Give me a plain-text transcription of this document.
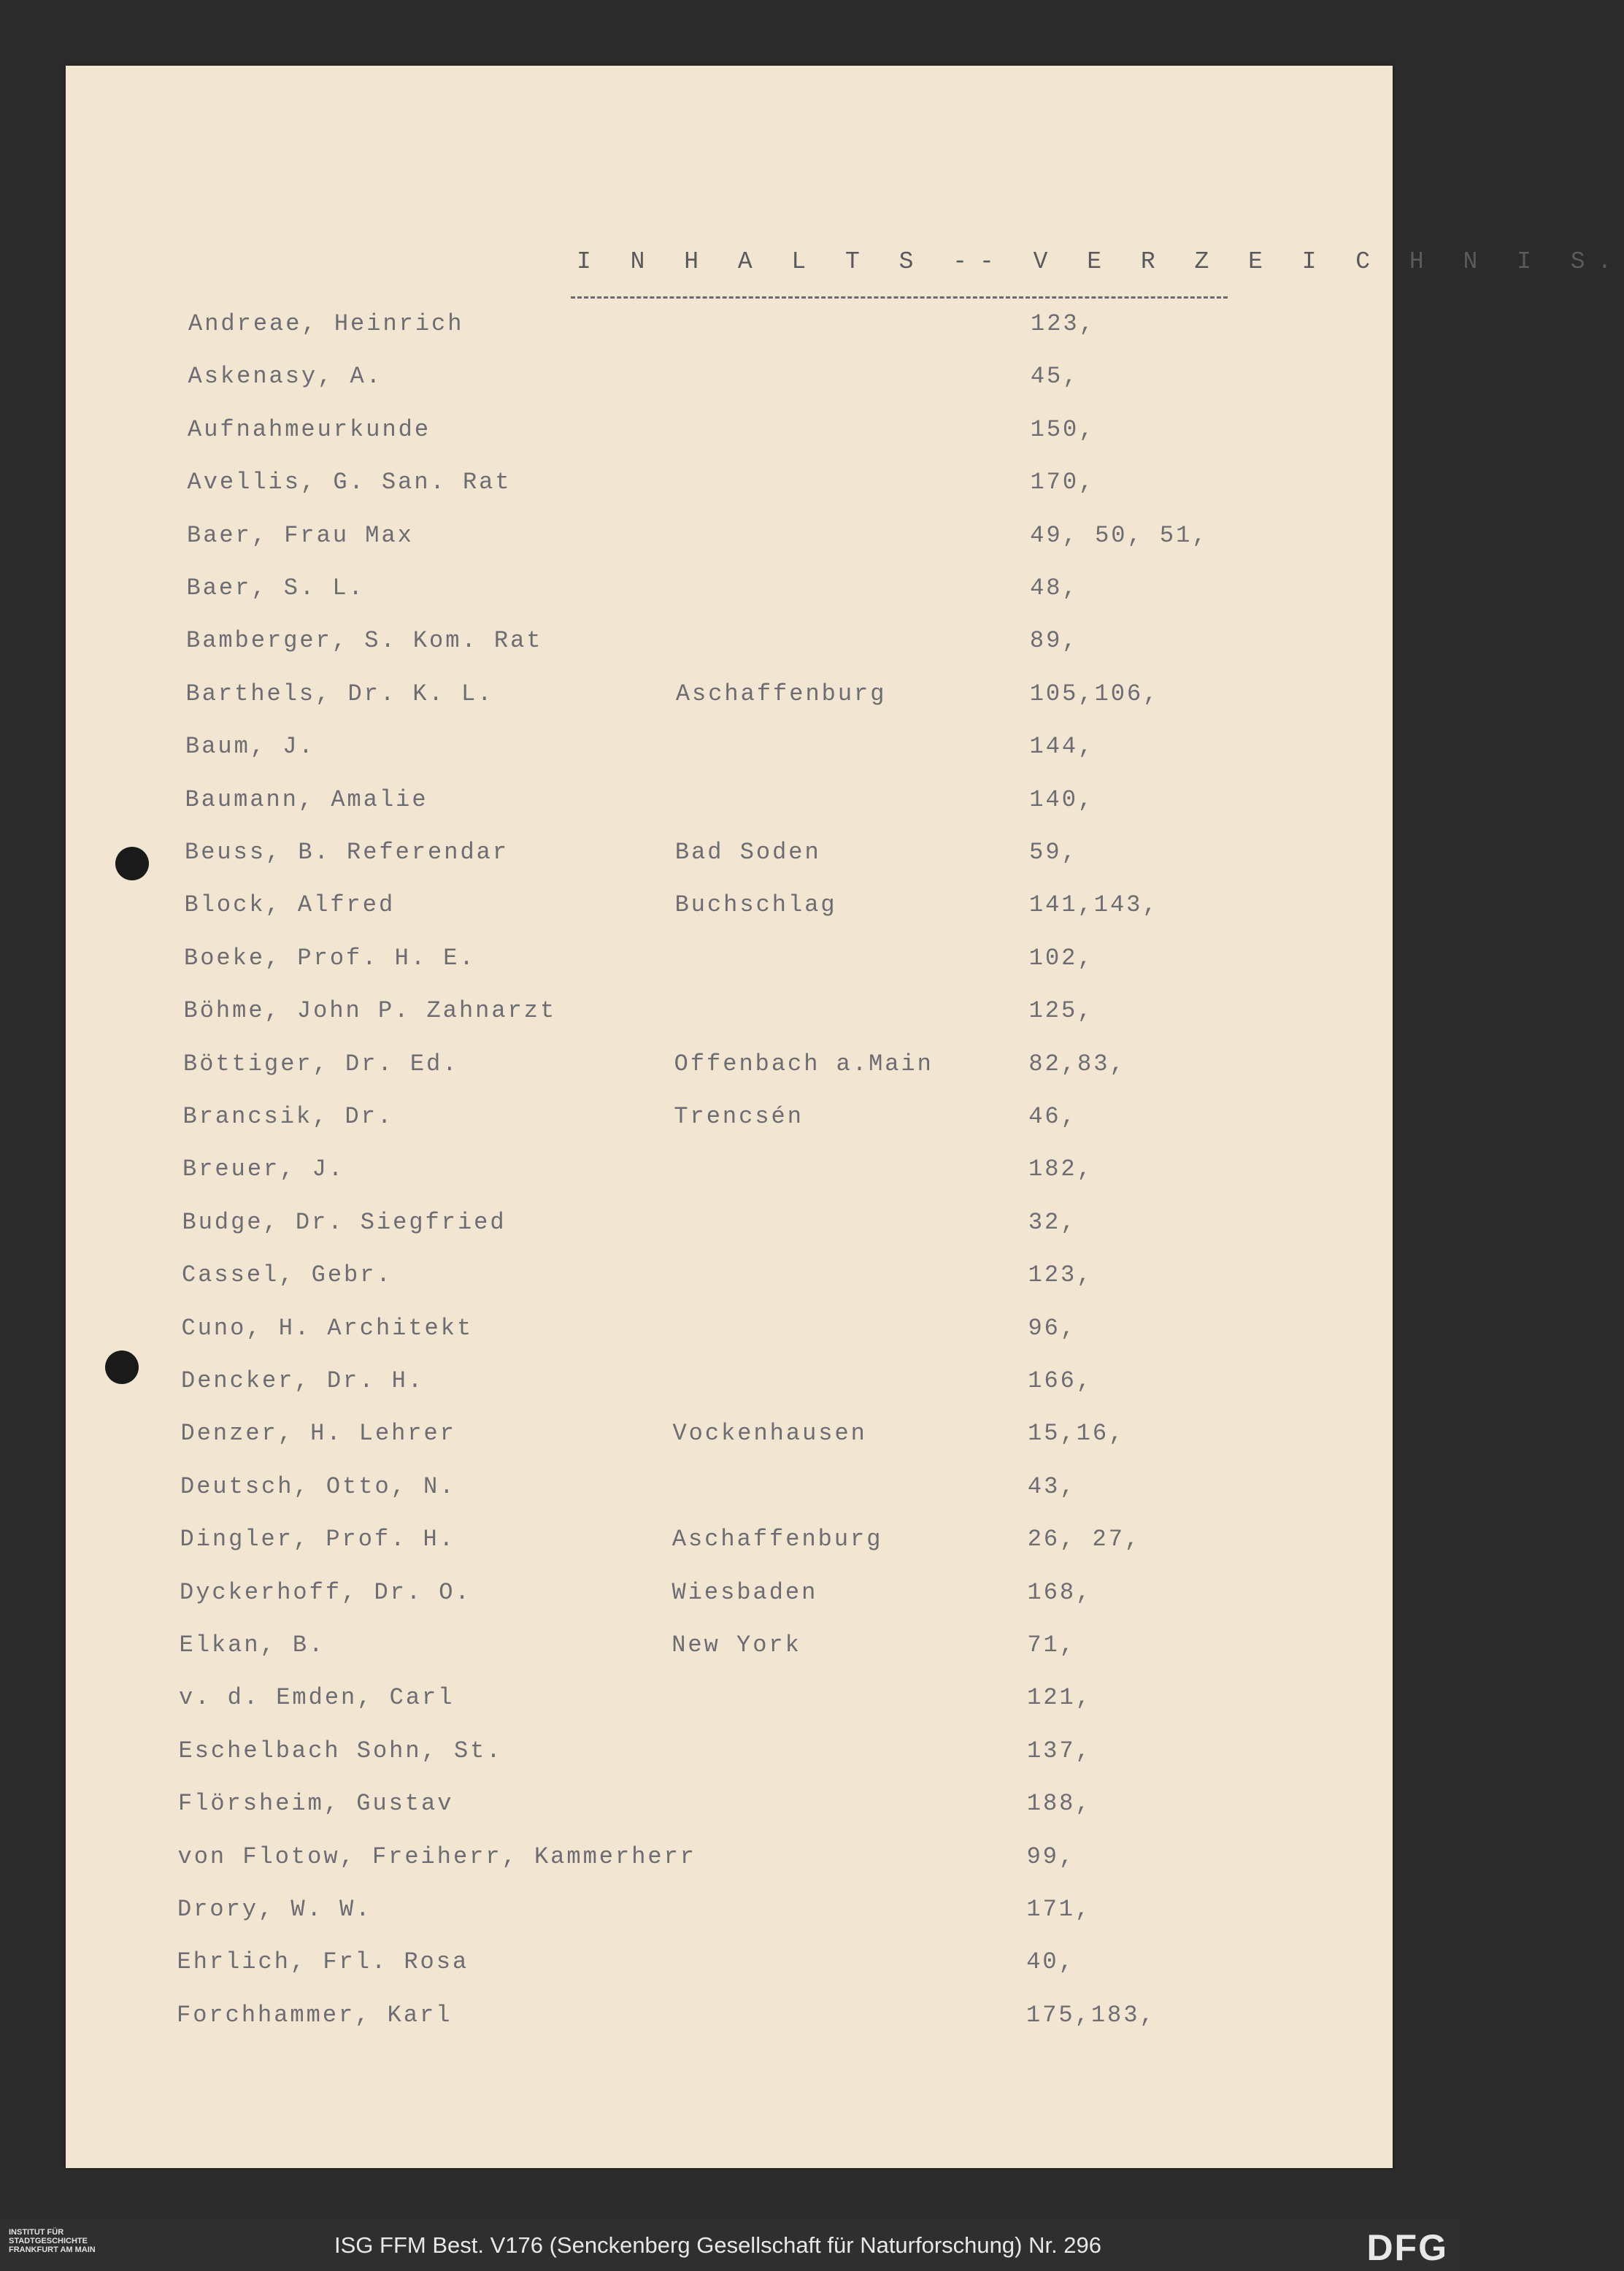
I N H A L T S -- V E R Z E I C H N I S.
Andreae, Heinrich	123,
Askenasy, A.	45,
Aufnahmeurkunde	150,
Avellis, G. San. Rat	170,
Baer, Frau Max	49, 50, 51,
Baer, S. L.	48,
Bamberger, S. Kom. Rat	89,
Barthels, Dr. K. L.	Aschaffenburg	105,106,
Baum, J.	144,
Baumann, Amalie	140,
Beuss, B. Referendar	Bad Soden	59,
Block, Alfred	Buchschlag	141,143,
Boeke, Prof. H. E.	102,
Böhme, John P. Zahnarzt	125,
Böttiger, Dr. Ed.	Offenbach a.Main	82,83,
Brancsik, Dr.	Trencsén	46,
Breuer, J.	182,
Budge, Dr. Siegfried	32,
Cassel, Gebr.	123,
Cuno, H. Architekt	96,
Dencker, Dr. H.	166,
Denzer, H. Lehrer	Vockenhausen	15,16,
Deutsch, Otto, N.	43,
Dingler, Prof. H.	Aschaffenburg	26, 27,
Dyckerhoff, Dr. O.	Wiesbaden	168,
Elkan, B.	New York	71,
v. d. Emden, Carl	121,
Eschelbach Sohn, St.	137,
Flörsheim, Gustav	188,
von Flotow, Freiherr, Kammerherr	99,
Drory, W. W.	171,
Ehrlich, Frl. Rosa	40,
Forchhammer, Karl	175,183,
INSTITUT FÜR
STADTGESCHICHTE
FRANKFURT AM MAIN	ISG FFM Best. V176 (Senckenberg Gesellschaft für Naturforschung) Nr. 296	DFG
